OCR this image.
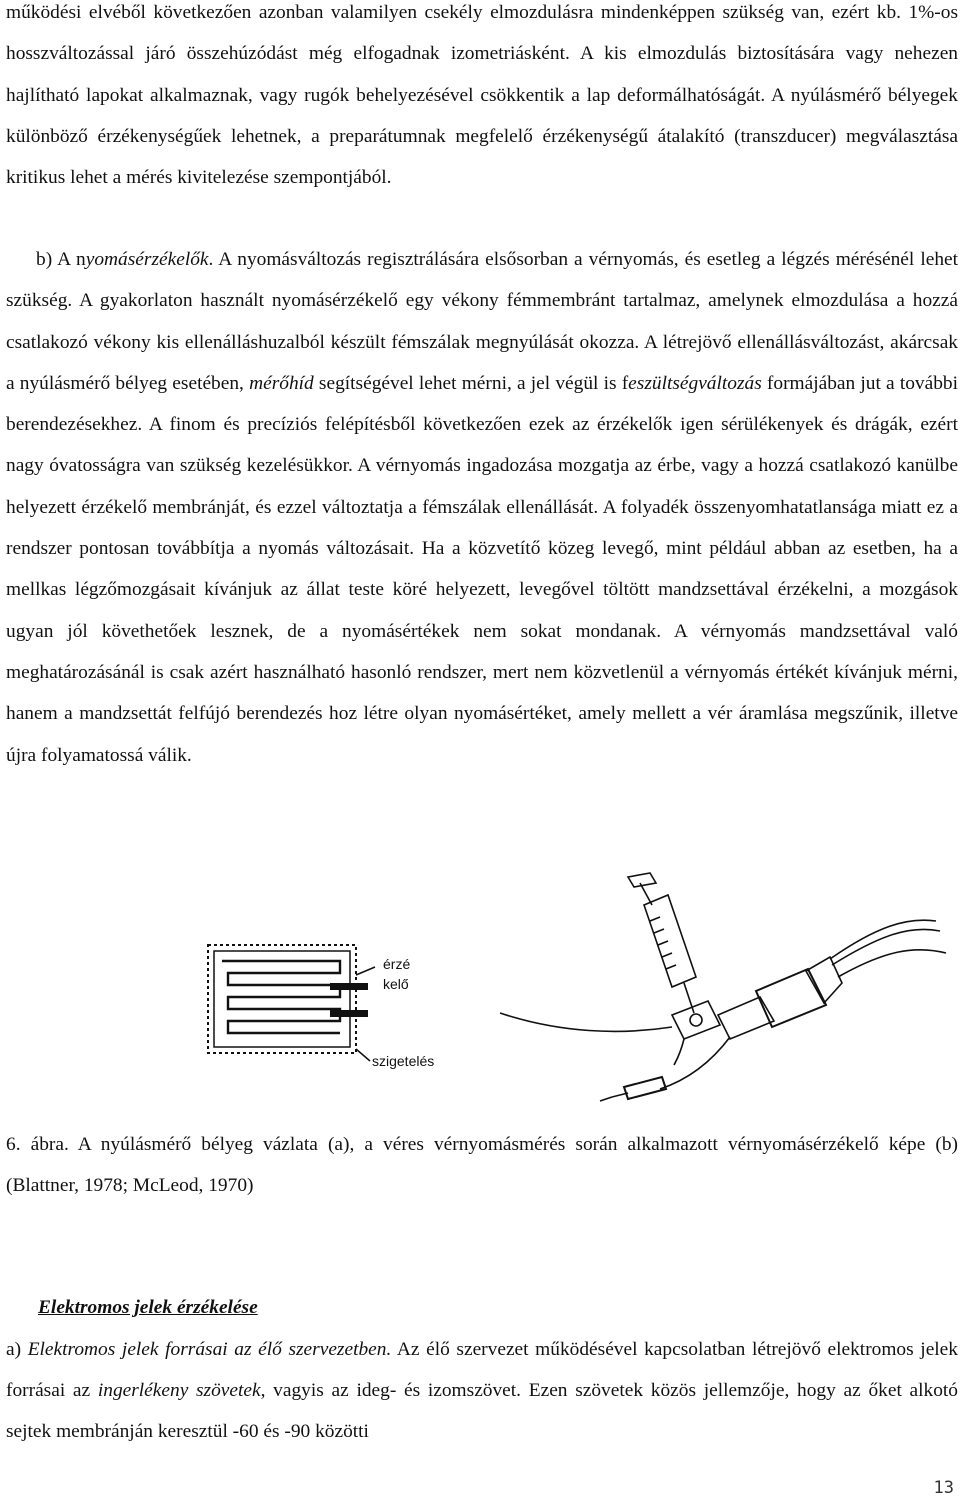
működési elvéből következően azonban valamilyen csekély elmozdulásra mindenképpen szükség van, ezért kb. 1%-os hosszváltozással járó összehúzódást még elfogadnak izometriásként. A kis elmozdulás biztosítására vagy nehezen hajlítható lapokat alkalmaznak, vagy rugók behelyezésével csökkentik a lap deformálhatóságát. A nyúlásmérő bélyegek különböző érzékenységűek lehetnek, a preparátumnak megfelelő érzékenységű átalakító (transzducer) megválasztása kritikus lehet a mérés kivitelezése szempontjából.

b) A nyomásérzékelők. A nyomásváltozás regisztrálására elsősorban a vérnyomás, és esetleg a légzés mérésénél lehet szükség. A gyakorlaton használt nyomásérzékelő egy vékony fémmembránt tartalmaz, amelynek elmozdulása a hozzá csatlakozó vékony kis ellenálláshuzalból készült fémszálak megnyúlását okozza. A létrejövő ellenállásváltozást, akárcsak a nyúlásmérő bélyeg esetében, mérőhíd segítségével lehet mérni, a jel végül is feszültségváltozás formájában jut a további berendezésekhez. A finom és precíziós felépítésből következően ezek az érzékelők igen sérülékenyek és drágák, ezért nagy óvatosságra van szükség kezelésükkor. A vérnyomás ingadozása mozgatja az érbe, vagy a hozzá csatlakozó kanülbe helyezett érzékelő membránját, és ezzel változtatja a fémszálak ellenállását. A folyadék összenyomhatatlansága miatt ez a rendszer pontosan továbbítja a nyomás változásait. Ha a közvetítő közeg levegő, mint például abban az esetben, ha a mellkas légzőmozgásait kívánjuk az állat teste köré helyezett, levegővel töltött mandzsettával érzékelni, a mozgások ugyan jól követhetőek lesznek, de a nyomásértékek nem sokat mondanak. A vérnyomás mandzsettával való meghatározásánál is csak azért használható hasonló rendszer, mert nem közvetlenül a vérnyomás értékét kívánjuk mérni, hanem a mandzsettát felfújó berendezés hoz létre olyan nyomásértéket, amely mellett a vér áramlása megszűnik, illetve újra folyamatossá válik.

érzé
kelő
szigetelés

6. ábra. A nyúlásmérő bélyeg vázlata (a), a véres vérnyomásmérés során alkalmazott vérnyomásérzékelő képe (b) (Blattner, 1978; McLeod, 1970)

Elektromos jelek érzékelése

a) Elektromos jelek forrásai az élő szervezetben. Az élő szervezet működésével kapcsolatban létrejövő elektromos jelek forrásai az ingerlékeny szövetek, vagyis az ideg- és izomszövet. Ezen szövetek közös jellemzője, hogy az őket alkotó sejtek membránján keresztül -60 és -90 közötti

13
